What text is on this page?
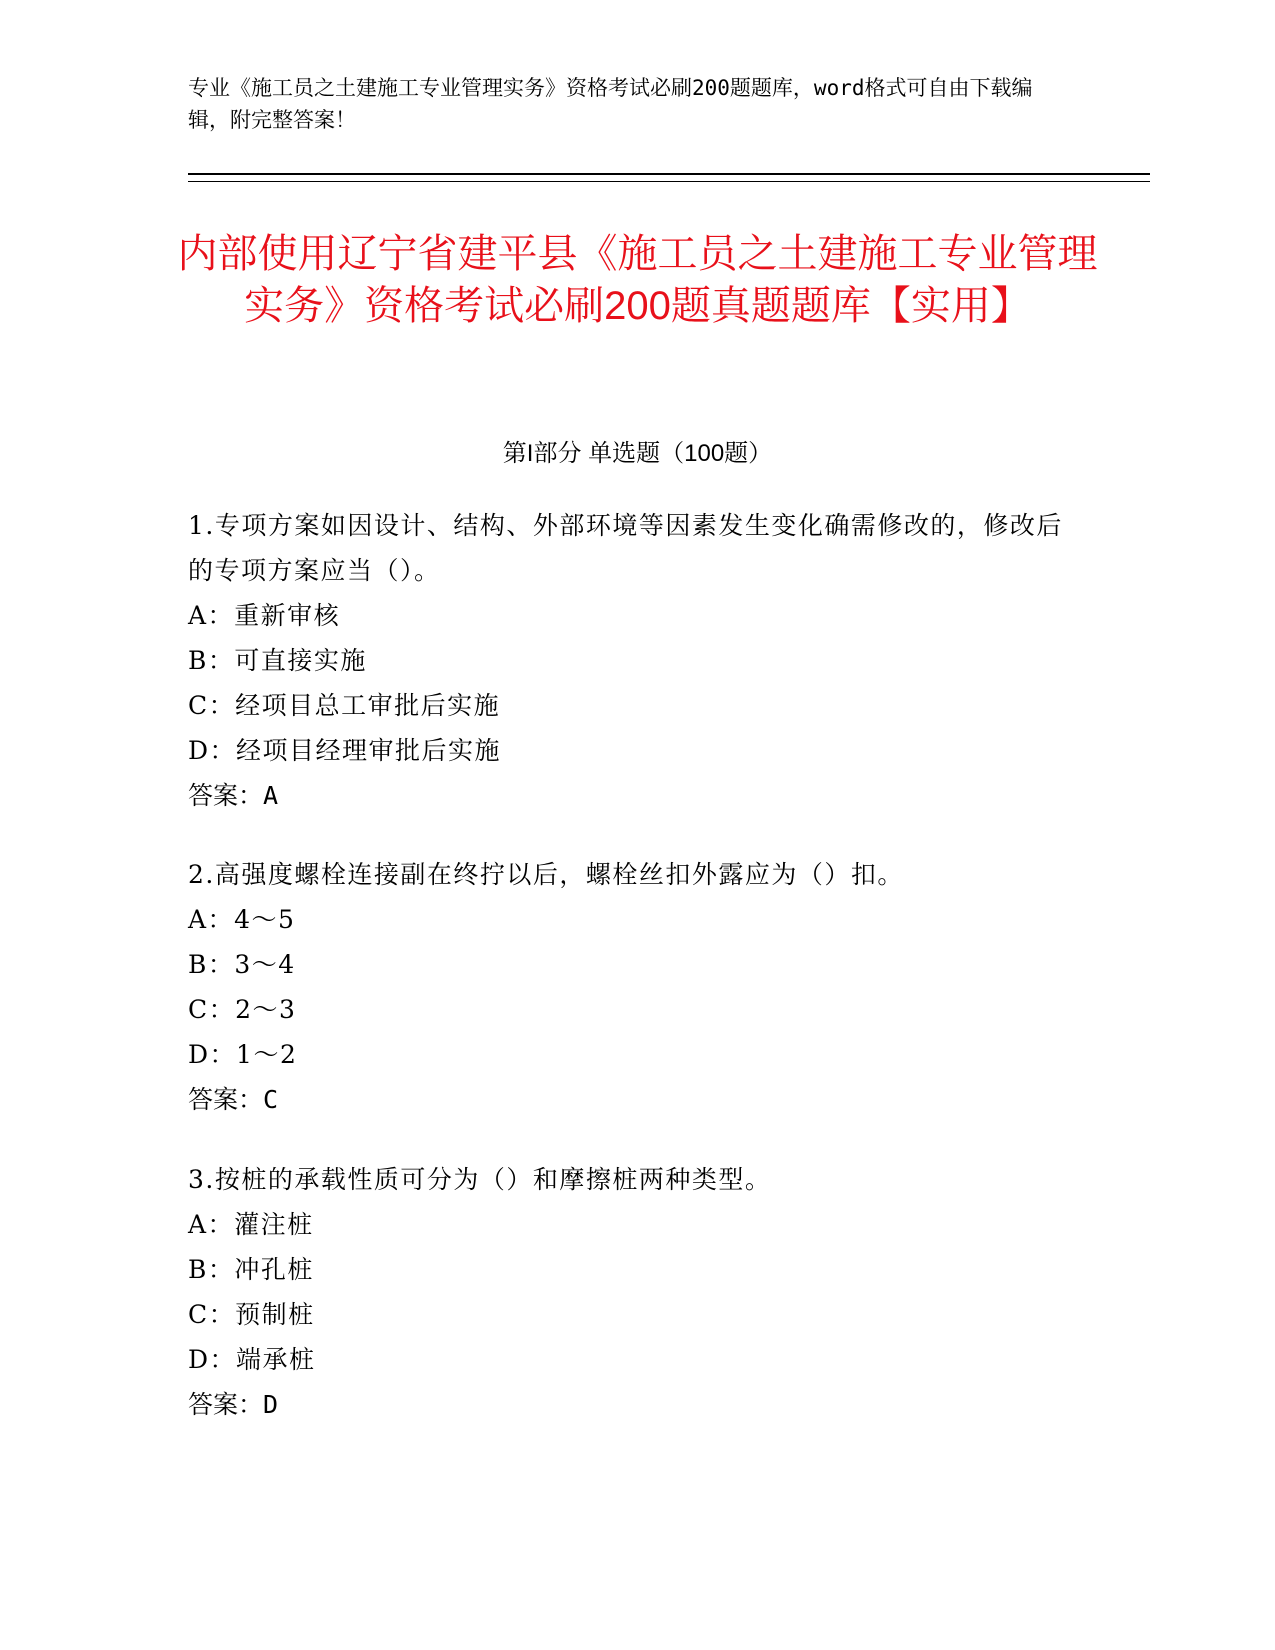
专业《施工员之土建施工专业管理实务》资格考试必刷200题题库，word格式可自由下载编辑，附完整答案！
内部使用辽宁省建平县《施工员之土建施工专业管理实务》资格考试必刷200题真题题库【实用】
第I部分 单选题（100题）
1.专项方案如因设计、结构、外部环境等因素发生变化确需修改的，修改后的专项方案应当（）。
A： 重新审核
B： 可直接实施
C： 经项目总工审批后实施
D： 经项目经理审批后实施
答案：A
2.高强度螺栓连接副在终拧以后，螺栓丝扣外露应为（）扣。
A： 4～5
B： 3～4
C： 2～3
D： 1～2
答案：C
3.按桩的承载性质可分为（）和摩擦桩两种类型。
A： 灌注桩
B： 冲孔桩
C： 预制桩
D： 端承桩
答案：D
